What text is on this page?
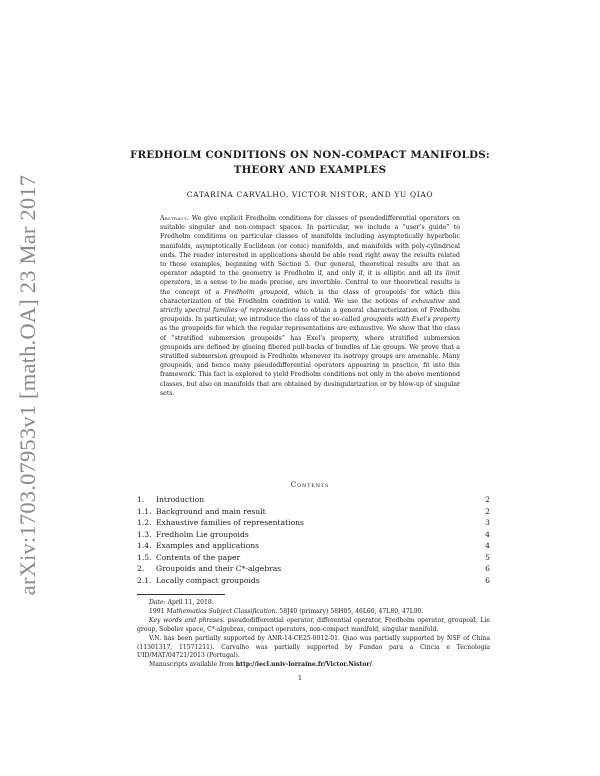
arXiv:1703.07953v1 [math.OA] 23 Mar 2017
FREDHOLM CONDITIONS ON NON-COMPACT MANIFOLDS:
THEORY AND EXAMPLES
CATARINA CARVALHO, VICTOR NISTOR, AND YU QIAO
Abstract. We give explicit Fredholm conditions for classes of pseudodifferential operators on suitable singular and non-compact spaces. In particular, we include a “user’s guide” to Fredholm conditions on particular classes of manifolds including asymptotically hyperbolic manifolds, asymptotically Euclidean (or conic) manifolds, and manifolds with poly-cylindrical ends. The reader interested in applications should be able read right away the results related to those examples, beginning with Section 5. Our general, theoretical results are that an operator adapted to the geometry is Fredholm if, and only if, it is elliptic and all its limit operators, in a sense to be made precise, are invertible. Central to our theoretical results is the concept of a Fredholm groupoid, which is the class of groupoids for which this characterization of the Fredholm condition is valid. We use the notions of exhaustive and strictly spectral families of representations to obtain a general characterization of Fredholm groupoids. In particular, we introduce the class of the so-called groupoids with Exel’s property as the groupoids for which the regular representations are exhaustive. We show that the class of “stratified submersion groupoids” has Exel’s property, where stratified submersion groupoids are defined by glueing fibered pull-backs of bundles of Lie groups. We prove that a stratified submersion groupoid is Fredholm whenever its isotropy groups are amenable. Many groupoids, and hence many pseudodifferential operators appearing in practice, fit into this framework. This fact is explored to yield Fredholm conditions not only in the above mentioned classes, but also on manifolds that are obtained by desingularization or by blow-up of singular sets.
Contents
1.	Introduction	2
1.1. Background and main result	2
1.2. Exhaustive families of representations	3
1.3. Fredholm Lie groupoids	4
1.4. Examples and applications	4
1.5. Contents of the paper	5
2.	Groupoids and their C*-algebras	6
2.1. Locally compact groupoids	6

Date: April 11, 2018.

1991 Mathematics Subject Classification. 58J40 (primary) 58H05, 46L60, 47L80, 47L90.

Key words and phrases. pseudodifferential operator, differential operator, Fredholm operator, groupoid, Lie group, Sobolev space, C*-algebras, compact operators, non-compact manifold, singular manifold.

V.N. has been partially supported by ANR-14-CE25-0012-01. Qiao was partially supported by NSF of China (11301317, 11571211). Carvalho was partially supported by Fundao para a Cincia e Tecnologia UID/MAT/04721/2013 (Portugal).

Manuscripts available from http://iecl.univ-lorraine.fr/Victor.Nistor/.

1
